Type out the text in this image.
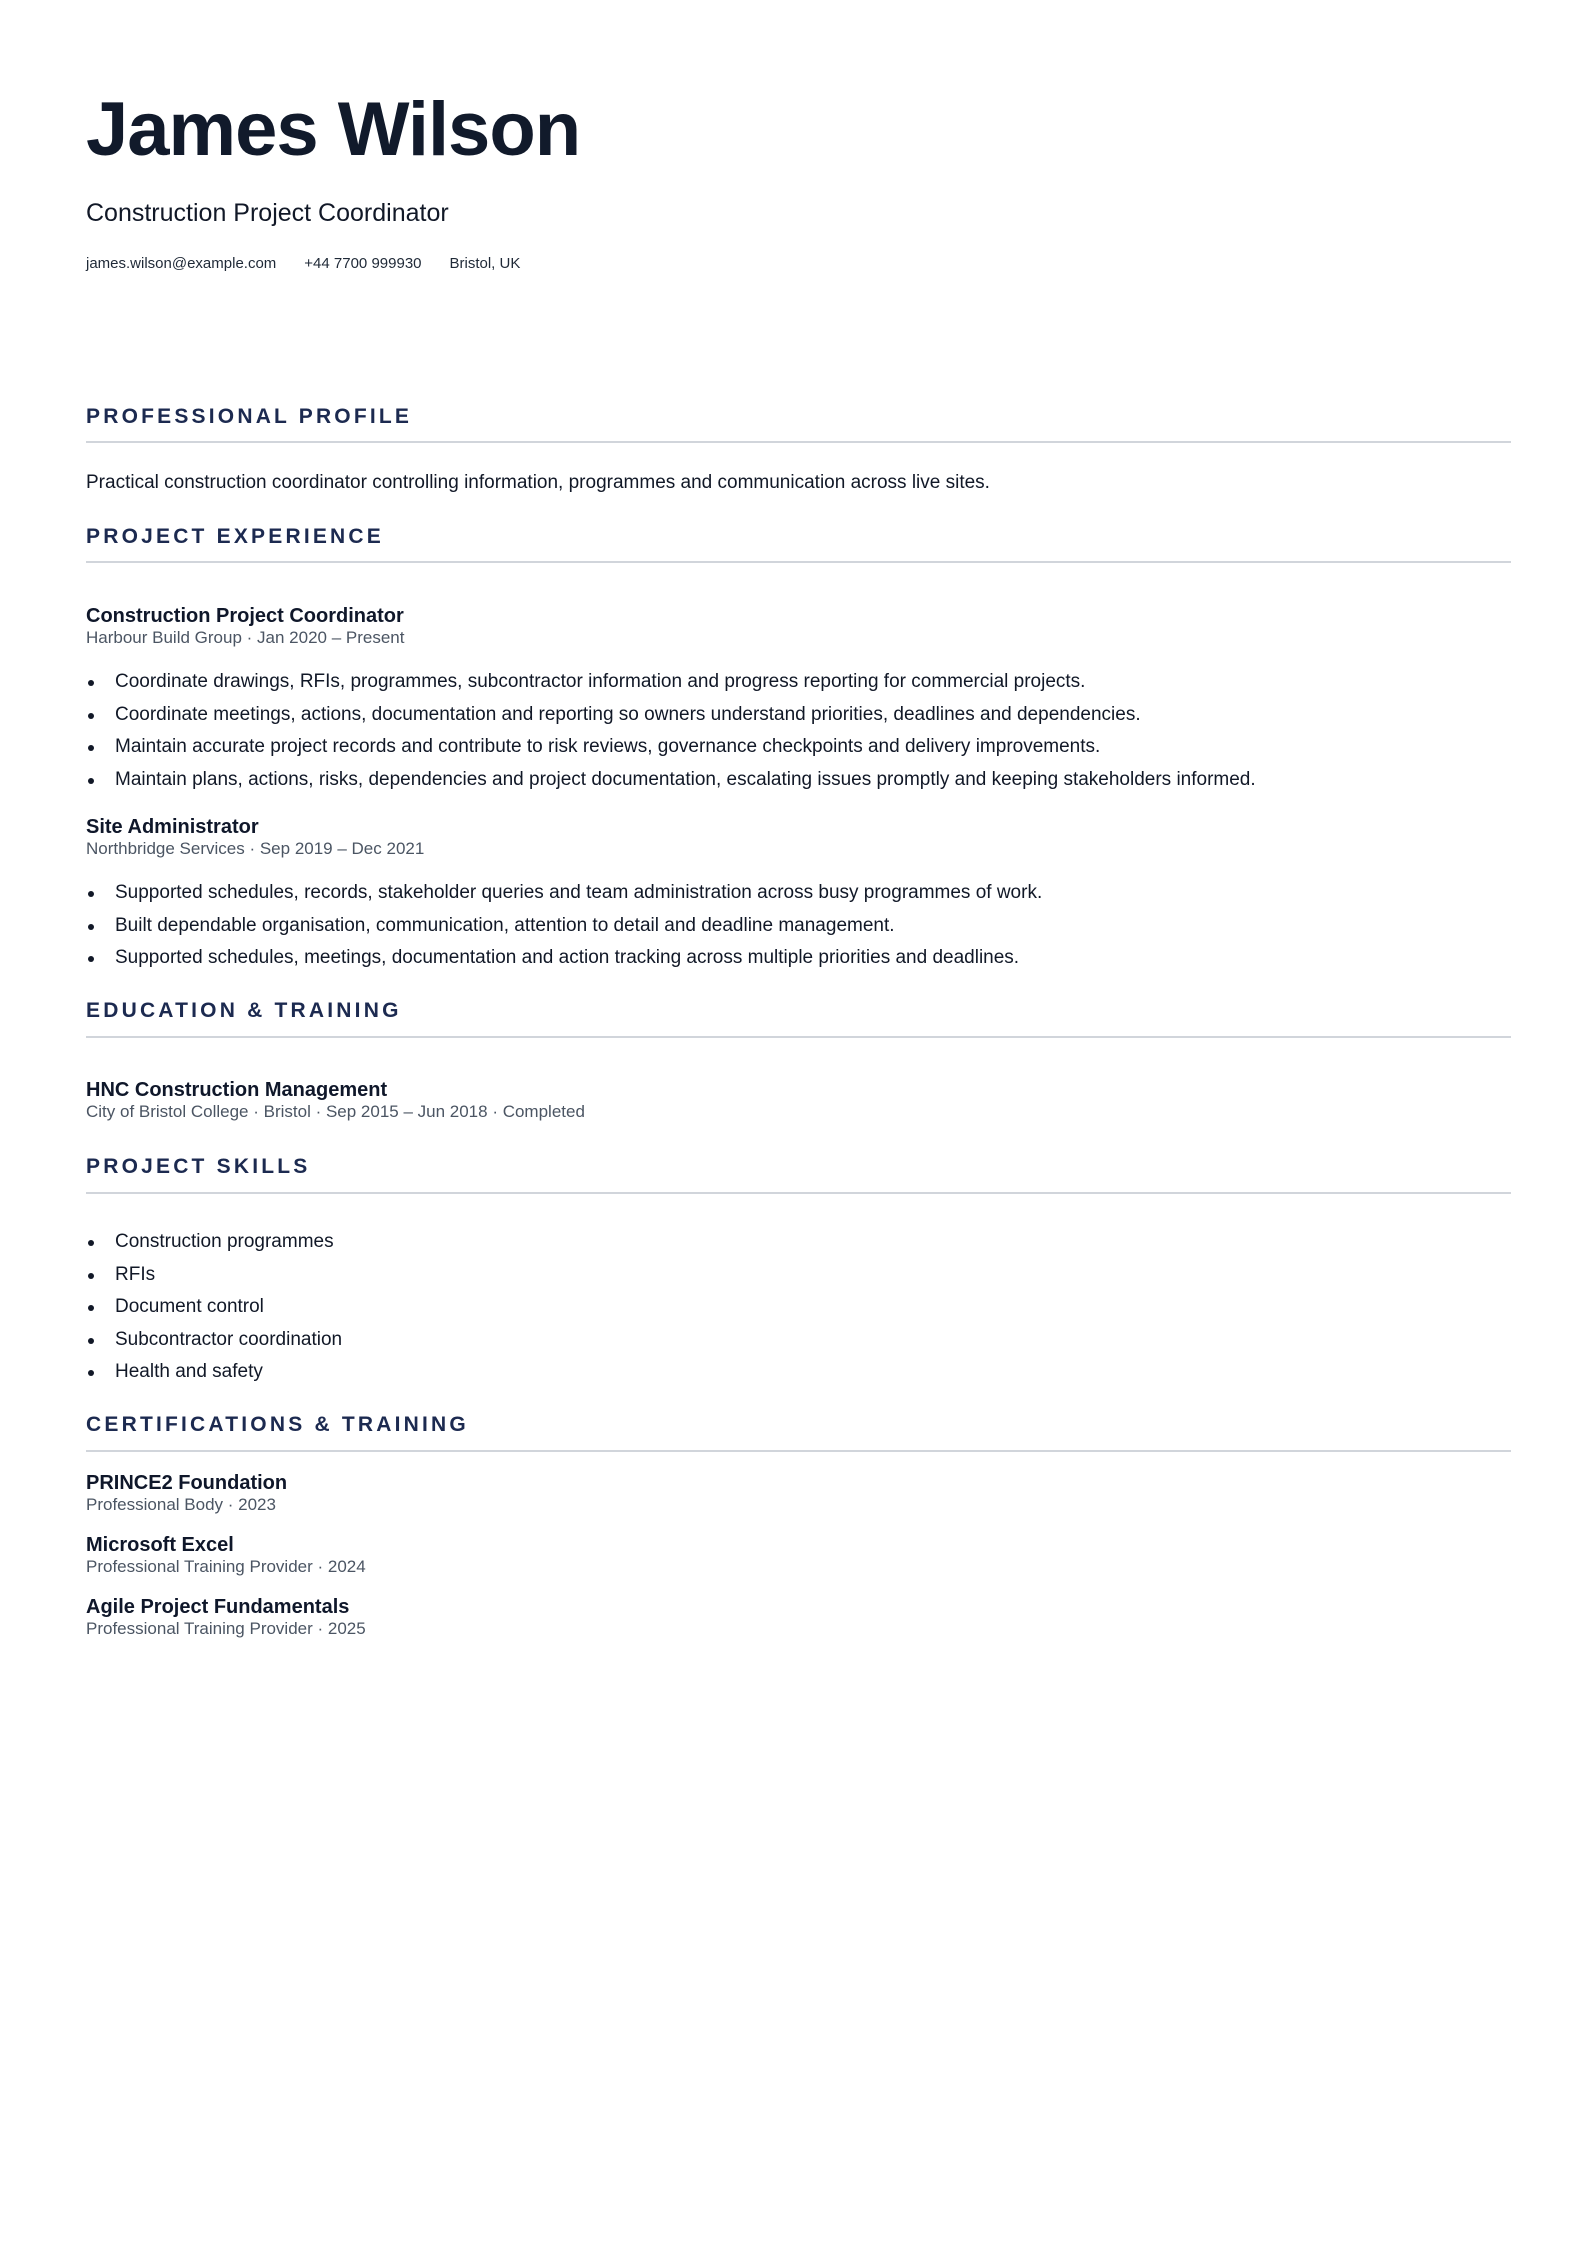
James Wilson
Construction Project Coordinator
james.wilson@example.com +44 7700 999930 Bristol, UK
PROFESSIONAL PROFILE
Practical construction coordinator controlling information, programmes and communication across live sites.
PROJECT EXPERIENCE
Construction Project Coordinator
Harbour Build Group · Jan 2020 – Present
Coordinate drawings, RFIs, programmes, subcontractor information and progress reporting for commercial projects.
Coordinate meetings, actions, documentation and reporting so owners understand priorities, deadlines and dependencies.
Maintain accurate project records and contribute to risk reviews, governance checkpoints and delivery improvements.
Maintain plans, actions, risks, dependencies and project documentation, escalating issues promptly and keeping stakeholders informed.
Site Administrator
Northbridge Services · Sep 2019 – Dec 2021
Supported schedules, records, stakeholder queries and team administration across busy programmes of work.
Built dependable organisation, communication, attention to detail and deadline management.
Supported schedules, meetings, documentation and action tracking across multiple priorities and deadlines.
EDUCATION & TRAINING
HNC Construction Management
City of Bristol College · Bristol · Sep 2015 – Jun 2018 · Completed
PROJECT SKILLS
Construction programmes
RFIs
Document control
Subcontractor coordination
Health and safety
CERTIFICATIONS & TRAINING
PRINCE2 Foundation
Professional Body · 2023
Microsoft Excel
Professional Training Provider · 2024
Agile Project Fundamentals
Professional Training Provider · 2025
